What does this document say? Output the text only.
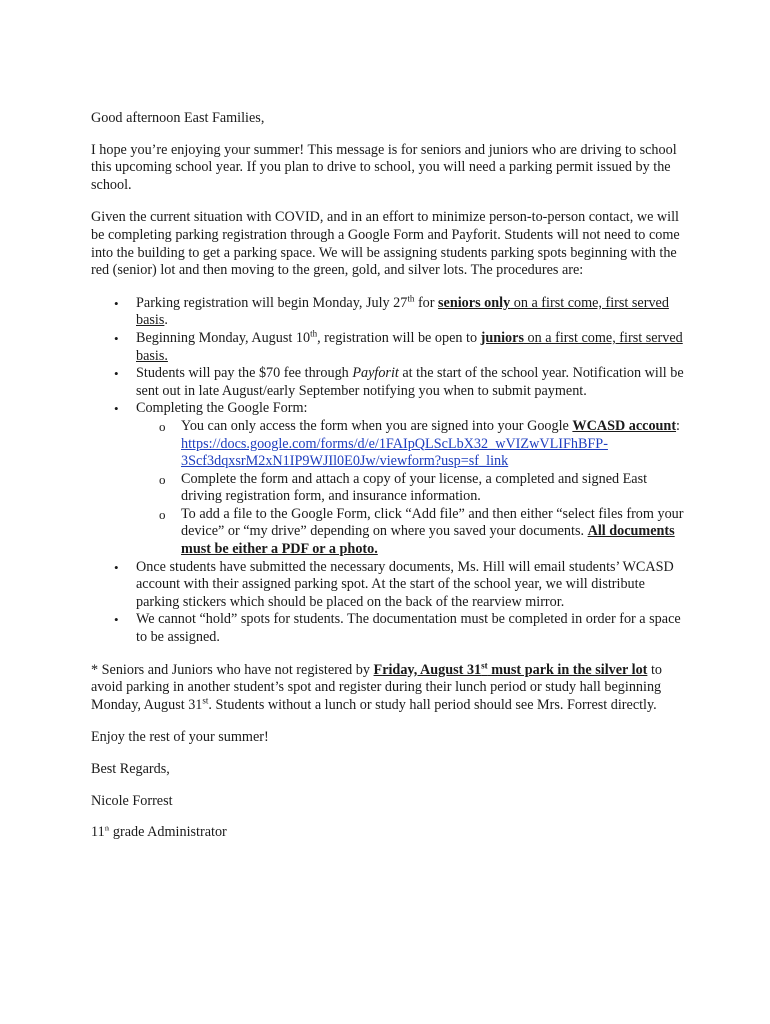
Good afternoon East Families,

I hope you’re enjoying your summer! This message is for seniors and juniors who are driving to school this upcoming school year. If you plan to drive to school, you will need a parking permit issued by the school.

Given the current situation with COVID, and in an effort to minimize person-to-person contact, we will be completing parking registration through a Google Form and Payforit. Students will not need to come into the building to get a parking space. We will be assigning students parking spots beginning with the red (senior) lot and then moving to the green, gold, and silver lots. The procedures are:

• Parking registration will begin Monday, July 27th for seniors only on a first come, first served basis.
• Beginning Monday, August 10th, registration will be open to juniors on a first come, first served basis.
• Students will pay the $70 fee through Payforit at the start of the school year. Notification will be sent out in late August/early September notifying you when to submit payment.
• Completing the Google Form:
o You can only access the form when you are signed into your Google WCASD account:
https://docs.google.com/forms/d/e/1FAIpQLScLbX32_wVIZwVLIFhBFP-3Scf3dqxsrM2xN1IP9WJIl0E0Jw/viewform?usp=sf_link
o Complete the form and attach a copy of your license, a completed and signed East driving registration form, and insurance information.
o To add a file to the Google Form, click “Add file” and then either “select files from your device” or “my drive” depending on where you saved your documents. All documents must be either a PDF or a photo.
• Once students have submitted the necessary documents, Ms. Hill will email students’ WCASD account with their assigned parking spot. At the start of the school year, we will distribute parking stickers which should be placed on the back of the rearview mirror.
• We cannot “hold” spots for students. The documentation must be completed in order for a space to be assigned.

* Seniors and Juniors who have not registered by Friday, August 31st must park in the silver lot to avoid parking in another student’s spot and register during their lunch period or study hall beginning Monday, August 31st. Students without a lunch or study hall period should see Mrs. Forrest directly.

Enjoy the rest of your summer!

Best Regards,

Nicole Forrest

11th grade Administrator
